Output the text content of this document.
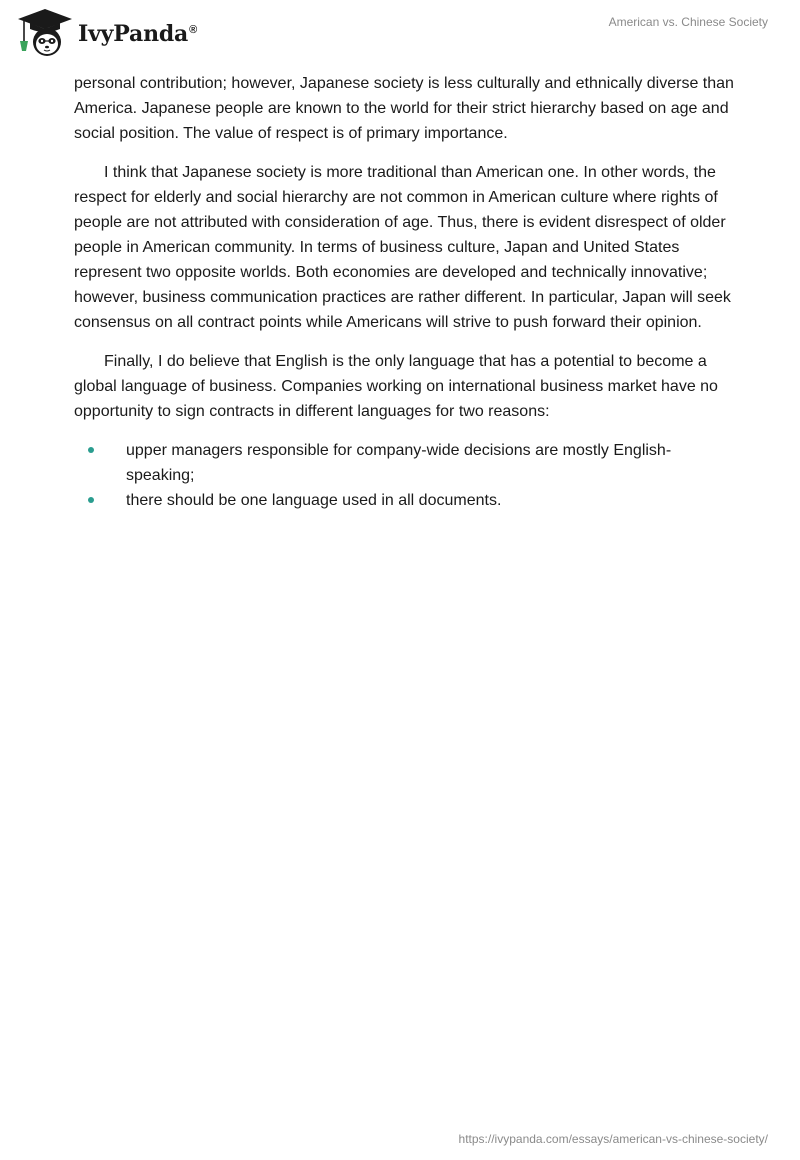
IvyPanda®
American vs. Chinese Society

personal contribution; however, Japanese society is less culturally and ethnically diverse than America. Japanese people are known to the world for their strict hierarchy based on age and social position. The value of respect is of primary importance.

I think that Japanese society is more traditional than American one. In other words, the respect for elderly and social hierarchy are not common in American culture where rights of people are not attributed with consideration of age. Thus, there is evident disrespect of older people in American community. In terms of business culture, Japan and United States represent two opposite worlds. Both economies are developed and technically innovative; however, business communication practices are rather different. In particular, Japan will seek consensus on all contract points while Americans will strive to push forward their opinion.

Finally, I do believe that English is the only language that has a potential to become a global language of business. Companies working on international business market have no opportunity to sign contracts in different languages for two reasons:

upper managers responsible for company-wide decisions are mostly English-speaking;
there should be one language used in all documents.
https://ivypanda.com/essays/american-vs-chinese-society/
